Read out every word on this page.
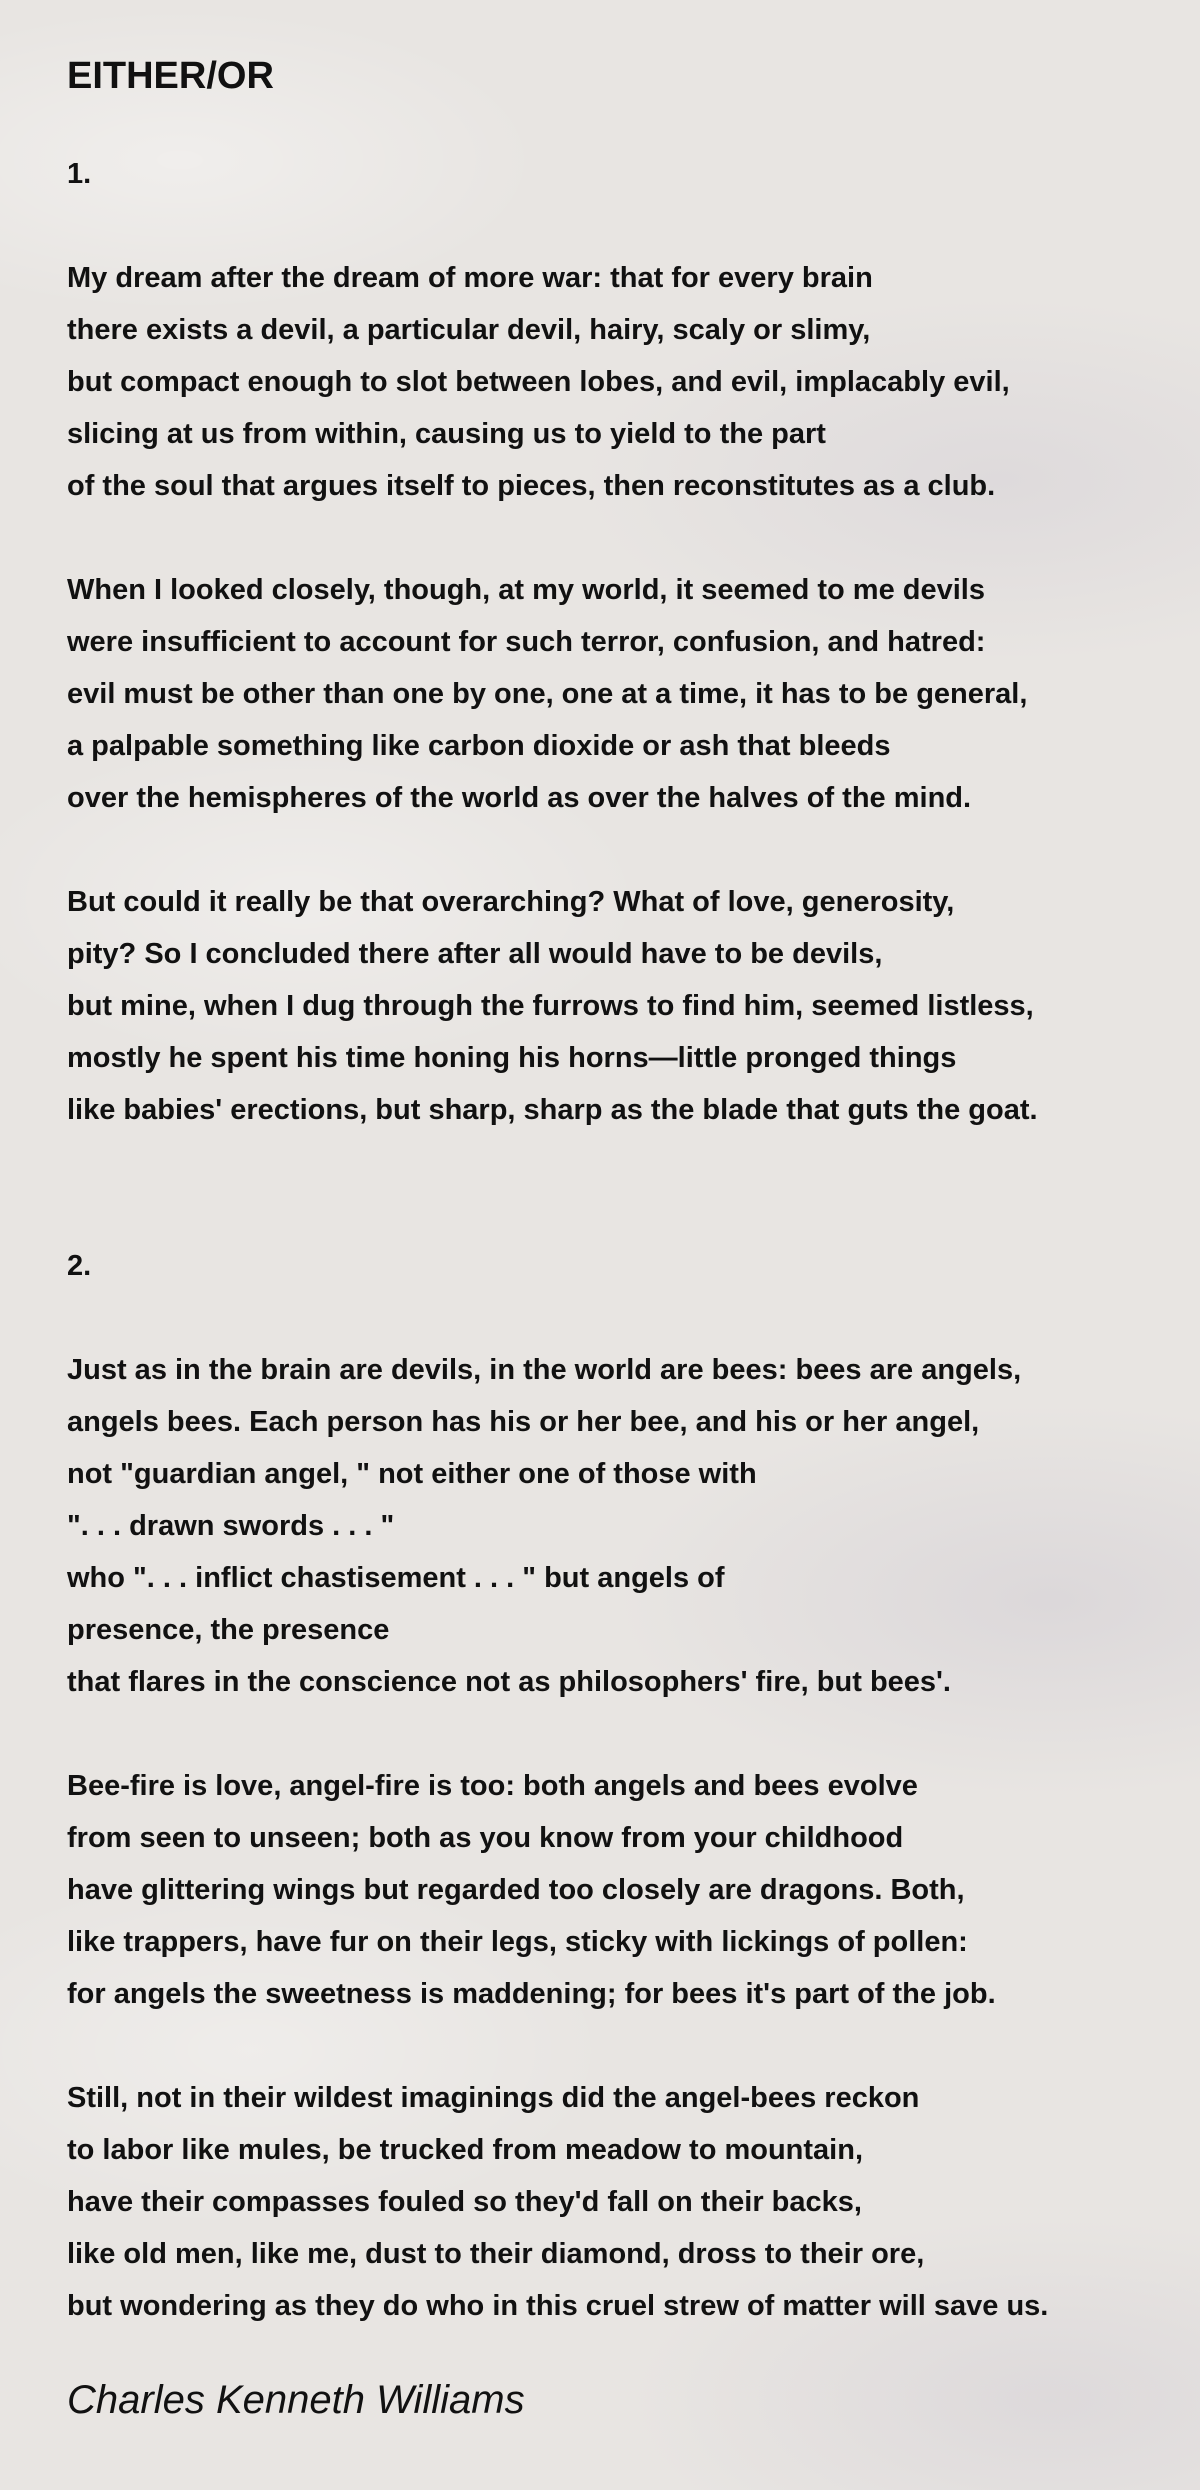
EITHER/OR

1.

My dream after the dream of more war: that for every brain
there exists a devil, a particular devil, hairy, scaly or slimy,
but compact enough to slot between lobes, and evil, implacably evil,
slicing at us from within, causing us to yield to the part
of the soul that argues itself to pieces, then reconstitutes as a club.
When I looked closely, though, at my world, it seemed to me devils
were insufficient to account for such terror, confusion, and hatred:
evil must be other than one by one, one at a time, it has to be general,
a palpable something like carbon dioxide or ash that bleeds
over the hemispheres of the world as over the halves of the mind.
But could it really be that overarching? What of love, generosity,
pity? So I concluded there after all would have to be devils,
but mine, when I dug through the furrows to find him, seemed listless,
mostly he spent his time honing his horns—little pronged things
like babies' erections, but sharp, sharp as the blade that guts the goat.

2.

Just as in the brain are devils, in the world are bees: bees are angels,
angels bees. Each person has his or her bee, and his or her angel,
not "guardian angel, " not either one of those with
". . . drawn swords . . . "
who ". . . inflict chastisement . . . " but angels of
presence, the presence
that flares in the conscience not as philosophers' fire, but bees'.
Bee-fire is love, angel-fire is too: both angels and bees evolve
from seen to unseen; both as you know from your childhood
have glittering wings but regarded too closely are dragons. Both,
like trappers, have fur on their legs, sticky with lickings of pollen:
for angels the sweetness is maddening; for bees it's part of the job.
Still, not in their wildest imaginings did the angel-bees reckon
to labor like mules, be trucked from meadow to mountain,
have their compasses fouled so they'd fall on their backs,
like old men, like me, dust to their diamond, dross to their ore,
but wondering as they do who in this cruel strew of matter will save us.
Charles Kenneth Williams
